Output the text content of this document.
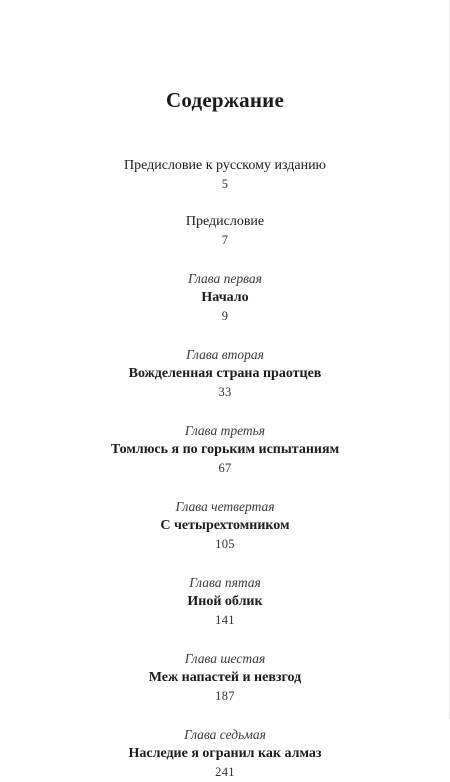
Содержание
Предисловие к русскому изданию
5
Предисловие
7
Глава первая
Начало
9
Глава вторая
Вожделенная страна праотцев
33
Глава третья
Томлюсь я по горьким испытаниям
67
Глава четвертая
С четырехтомником
105
Глава пятая
Иной облик
141
Глава шестая
Меж напастей и невзгод
187
Глава седьмая
Наследие я огранил как алмаз
241
